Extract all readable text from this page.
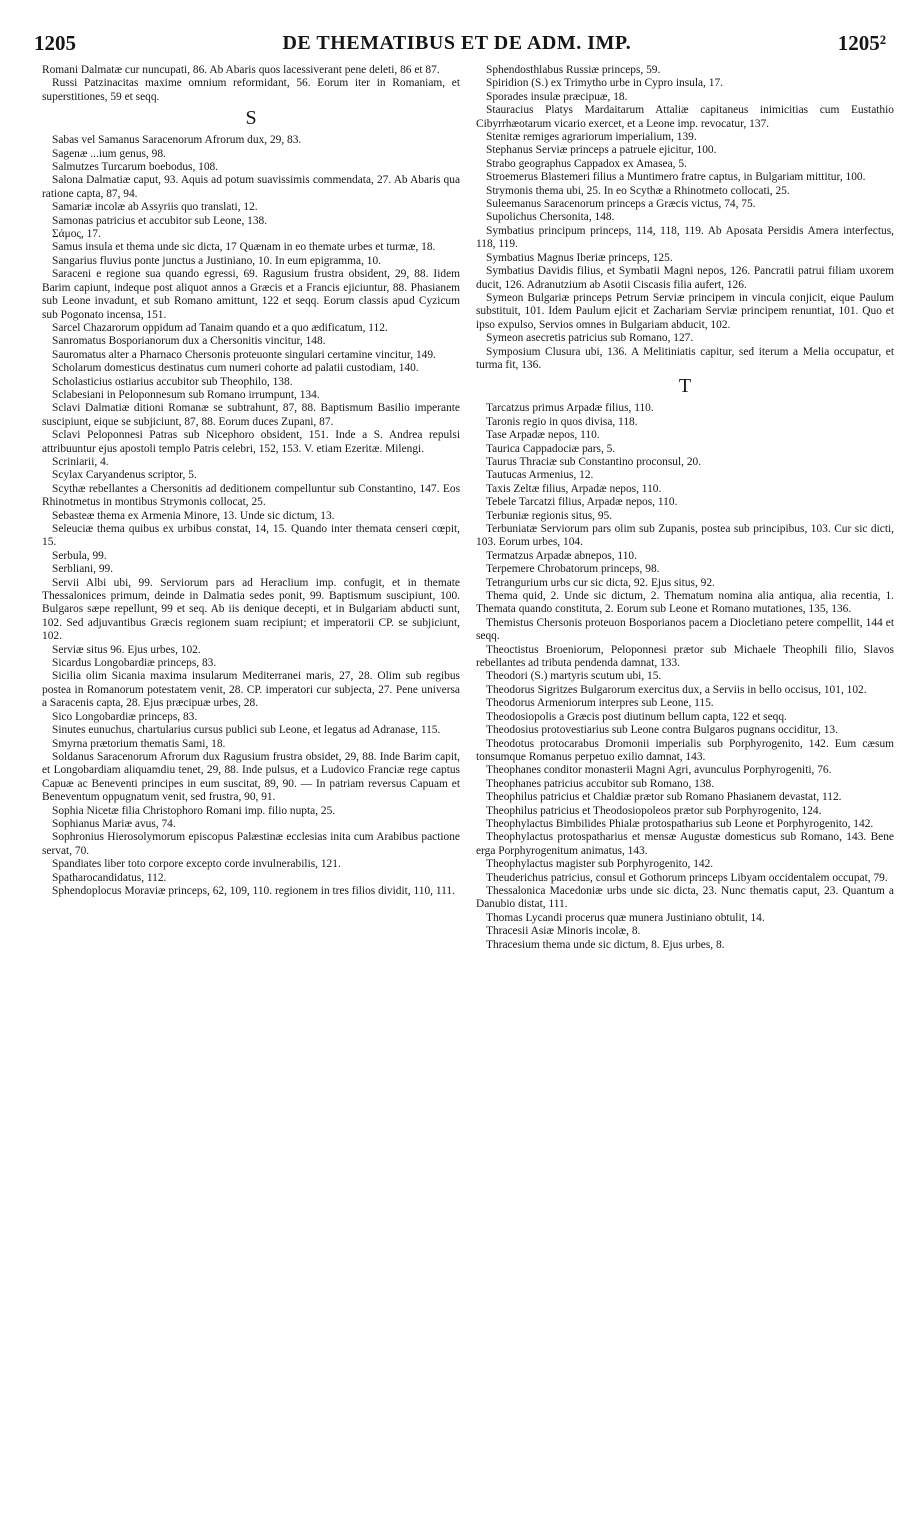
1205	DE THEMATIBUS ET DE ADM. IMP.	1205²

Romani Dalmatæ cur nuncupati, 86. Ab Abaris quos lacessiverant pene deleti, 86 et 87.

Russi Patzinacitas maxime omnium reformidant, 56. Eorum iter in Romaniam, et superstitiones, 59 et seqq.

S

Sabas vel Samanus Saracenorum Afrorum dux, 29, 83.

Sagenæ ...ium genus, 98.

Salmutzes Turcarum boebodus, 108.

Salona Dalmatiæ caput, 93. Aquis ad potum suavissimis commendata, 27. Ab Abaris qua ratione capta, 87, 94.

Samariæ incolæ ab Assyriis quo translati, 12.

Samonas patricius et accubitor sub Leone, 138.

Σάμος, 17.

Samus insula et thema unde sic dicta, 17 Quænam in eo themate urbes et turmæ, 18.

Sangarius fluvius ponte junctus a Justiniano, 10. In eum epigramma, 10.

Saraceni e regione sua quando egressi, 69. Ragusium frustra obsident, 29, 88. Iidem Barim capiunt, indeque post aliquot annos a Græcis et a Francis ejiciuntur, 88. Phasianem sub Leone invadunt, et sub Romano amittunt, 122 et seqq. Eorum classis apud Cyzicum sub Pogonato incensa, 151.

Sarcel Chazarorum oppidum ad Tanaim quando et a quo ædificatum, 112.

Sanromatus Bosporianorum dux a Chersonitis vincitur, 148.

Sauromatus alter a Pharnaco Chersonis proteuonte singulari certamine vincitur, 149.

Scholarum domesticus destinatus cum numeri cohorte ad palatii custodiam, 140.

Scholasticius ostiarius accubitor sub Theophilo, 138.

Sclabesiani in Peloponnesum sub Romano irrumpunt, 134.

Sclavi Dalmatiæ ditioni Romanæ se subtrahunt, 87, 88. Baptismum Basilio imperante suscipiunt, eique se subjiciunt, 87, 88. Eorum duces Zupani, 87.

Sclavi Peloponnesi Patras sub Nicephoro obsident, 151. Inde a S. Andrea repulsi attribuuntur ejus apostoli templo Patris celebri, 152, 153. V. etiam Ezeritæ. Milengi.

Scriniarii, 4.

Scylax Caryandenus scriptor, 5.

Scythæ rebellantes a Chersonitis ad deditionem compelluntur sub Constantino, 147. Eos Rhinotmetus in montibus Strymonis collocat, 25.

Sebasteæ thema ex Armenia Minore, 13. Unde sic dictum, 13.

Seleuciæ thema quibus ex urbibus constat, 14, 15. Quando inter themata censeri cœpit, 15.

Serbula, 99.

Serbliani, 99.

Servii Albi ubi, 99. Serviorum pars ad Heraclium imp. confugit, et in themate Thessalonices primum, deinde in Dalmatia sedes ponit, 99. Baptismum suscipiunt, 100. Bulgaros sæpe repellunt, 99 et seq. Ab iis denique decepti, et in Bulgariam abducti sunt, 102. Sed adjuvantibus Græcis regionem suam recipiunt; et imperatorii CP. se subjiciunt, 102.

Serviæ situs 96. Ejus urbes, 102.

Sicardus Longobardiæ princeps, 83.

Sicilia olim Sicania maxima insularum Mediterranei maris, 27, 28. Olim sub regibus postea in Romanorum potestatem venit, 28. CP. imperatori cur subjecta, 27. Pene universa a Saracenis capta, 28. Ejus præcipuæ urbes, 28.

Sico Longobardiæ princeps, 83.

Sinutes eunuchus, chartularius cursus publici sub Leone, et legatus ad Adranase, 115.

Smyrna prætorium thematis Sami, 18.

Soldanus Saracenorum Afrorum dux Ragusium frustra obsidet, 29, 88. Inde Barim capit, et Longobardiam aliquamdiu tenet, 29, 88. Inde pulsus, et a Ludovico Franciæ rege captus Capuæ ac Beneventi principes in eum suscitat, 89, 90. — In patriam reversus Capuam et Beneventum oppugnatum venit, sed frustra, 90, 91.

Sophia Nicetæ filia Christophoro Romani imp. filio nupta, 25.

Sophianus Mariæ avus, 74.

Sophronius Hierosolymorum episcopus Palæstinæ ecclesias inita cum Arabibus pactione servat, 70.

Spandiates liber toto corpore excepto corde invulnerabilis, 121.

Spatharocandidatus, 112.

Sphendoplocus Moraviæ princeps, 62, 109, 110. regionem in tres filios dividit, 110, 111.

Sphendosthlabus Russiæ princeps, 59.

Spiridion (S.) ex Trimytho urbe in Cypro insula, 17.

Sporades insulæ præcipuæ, 18.

Stauracius Platys Mardaitarum Attaliæ capitaneus inimicitias cum Eustathio Cibyrrhæotarum vicario exercet, et a Leone imp. revocatur, 137.

Stenitæ remiges agrariorum imperialium, 139.

Stephanus Serviæ princeps a patruele ejicitur, 100.

Strabo geographus Cappadox ex Amasea, 5.

Stroemerus Blastemeri filius a Muntimero fratre captus, in Bulgariam mittitur, 100.

Strymonis thema ubi, 25. In eo Scythæ a Rhinotmeto collocati, 25.

Suleemanus Saracenorum princeps a Græcis victus, 74, 75.

Supolichus Chersonita, 148.

Symbatius principum princeps, 114, 118, 119. Ab Aposata Persidis Amera interfectus, 118, 119.

Symbatius Magnus Iberiæ princeps, 125.

Symbatius Davidis filius, et Symbatii Magni nepos, 126. Pancratii patrui filiam uxorem ducit, 126. Adranutzium ab Asotii Ciscasis filia aufert, 126.

Symeon Bulgariæ princeps Petrum Serviæ principem in vincula conjicit, eique Paulum substituit, 101. Idem Paulum ejicit et Zachariam Serviæ principem renuntiat, 101. Quo et ipso expulso, Servios omnes in Bulgariam abducit, 102.

Symeon asecretis patricius sub Romano, 127.

Symposium Clusura ubi, 136. A Melitiniatis capitur, sed iterum a Melia occupatur, et turma fit, 136.

T

Tarcatzus primus Arpadæ filius, 110.

Taronis regio in quos divisa, 118.

Tase Arpadæ nepos, 110.

Taurica Cappadociæ pars, 5.

Taurus Thraciæ sub Constantino proconsul, 20.

Tautucas Armenius, 12.

Taxis Zeltæ filius, Arpadæ nepos, 110.

Tebele Tarcatzi filius, Arpadæ nepos, 110.

Terbuniæ regionis situs, 95.

Terbuniatæ Serviorum pars olim sub Zupanis, postea sub principibus, 103. Cur sic dicti, 103. Eorum urbes, 104.

Termatzus Arpadæ abnepos, 110.

Terpemere Chrobatorum princeps, 98.

Tetrangurium urbs cur sic dicta, 92. Ejus situs, 92.

Thema quid, 2. Unde sic dictum, 2. Thematum nomina alia antiqua, alia recentia, 1. Themata quando constituta, 2. Eorum sub Leone et Romano mutationes, 135, 136.

Themistus Chersonis proteuon Bosporianos pacem a Diocletiano petere compellit, 144 et seqq.

Theoctistus Broeniorum, Peloponnesi prætor sub Michaele Theophili filio, Slavos rebellantes ad tributa pendenda damnat, 133.

Theodori (S.) martyris scutum ubi, 15.

Theodorus Sigritzes Bulgarorum exercitus dux, a Serviis in bello occisus, 101, 102.

Theodorus Armeniorum interpres sub Leone, 115.

Theodosiopolis a Græcis post diutinum bellum capta, 122 et seqq.

Theodosius protovestiarius sub Leone contra Bulgaros pugnans occiditur, 13.

Theodotus protocarabus Dromonii imperialis sub Porphyrogenito, 142. Eum cæsum tonsumque Romanus perpetuo exilio damnat, 143.

Theophanes conditor monasterii Magni Agri, avunculus Porphyrogeniti, 76.

Theophanes patricius accubitor sub Romano, 138.

Theophilus patricius et Chaldiæ prætor sub Romano Phasianem devastat, 112.

Theophilus patricius et Theodosiopoleos prætor sub Porphyrogenito, 124.

Theophylactus Bimbilides Phialæ protospatharius sub Leone et Porphyrogenito, 142.

Theophylactus protospatharius et mensæ Augustæ domesticus sub Romano, 143. Bene erga Porphyrogenitum animatus, 143.

Theophylactus magister sub Porphyrogenito, 142.

Theuderichus patricius, consul et Gothorum princeps Libyam occidentalem occupat, 79.

Thessalonica Macedoniæ urbs unde sic dicta, 23. Nunc thematis caput, 23. Quantum a Danubio distat, 111.

Thomas Lycandi procerus quæ munera Justiniano obtulit, 14.

Thracesii Asiæ Minoris incolæ, 8.

Thracesium thema unde sic dictum, 8. Ejus urbes, 8.
